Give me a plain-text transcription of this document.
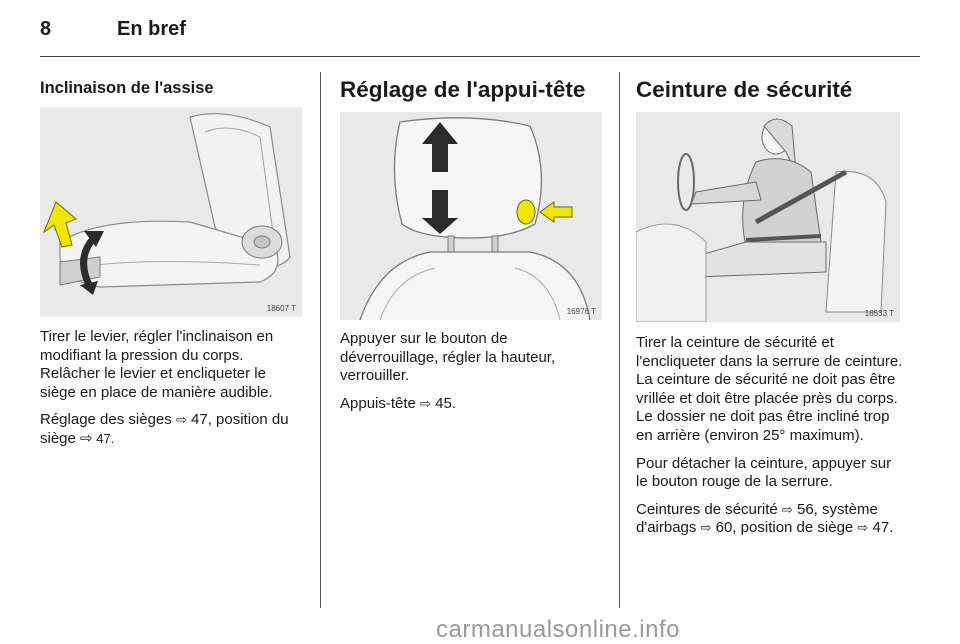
8	En bref
Inclinaison de l'assise
18607 T

Tirer le levier, régler l'inclinaison en modifiant la pression du corps. Relâcher le levier et encliqueter le siège en place de manière audible.

Réglage des sièges ⇨ 47, position du siège ⇨ 47.

Réglage de l'appui-tête
16976 T

Appuyer sur le bouton de déverrouillage, régler la hauteur, verrouiller.

Appuis-tête ⇨ 45.

Ceinture de sécurité
18533 T

Tirer la ceinture de sécurité et l'encliqueter dans la serrure de ceinture. La ceinture de sécurité ne doit pas être vrillée et doit être placée près du corps. Le dossier ne doit pas être incliné trop en arrière (environ 25° maximum).

Pour détacher la ceinture, appuyer sur le bouton rouge de la serrure.

Ceintures de sécurité ⇨ 56, système d'airbags ⇨ 60, position de siège ⇨ 47.

carmanualsonline.info
